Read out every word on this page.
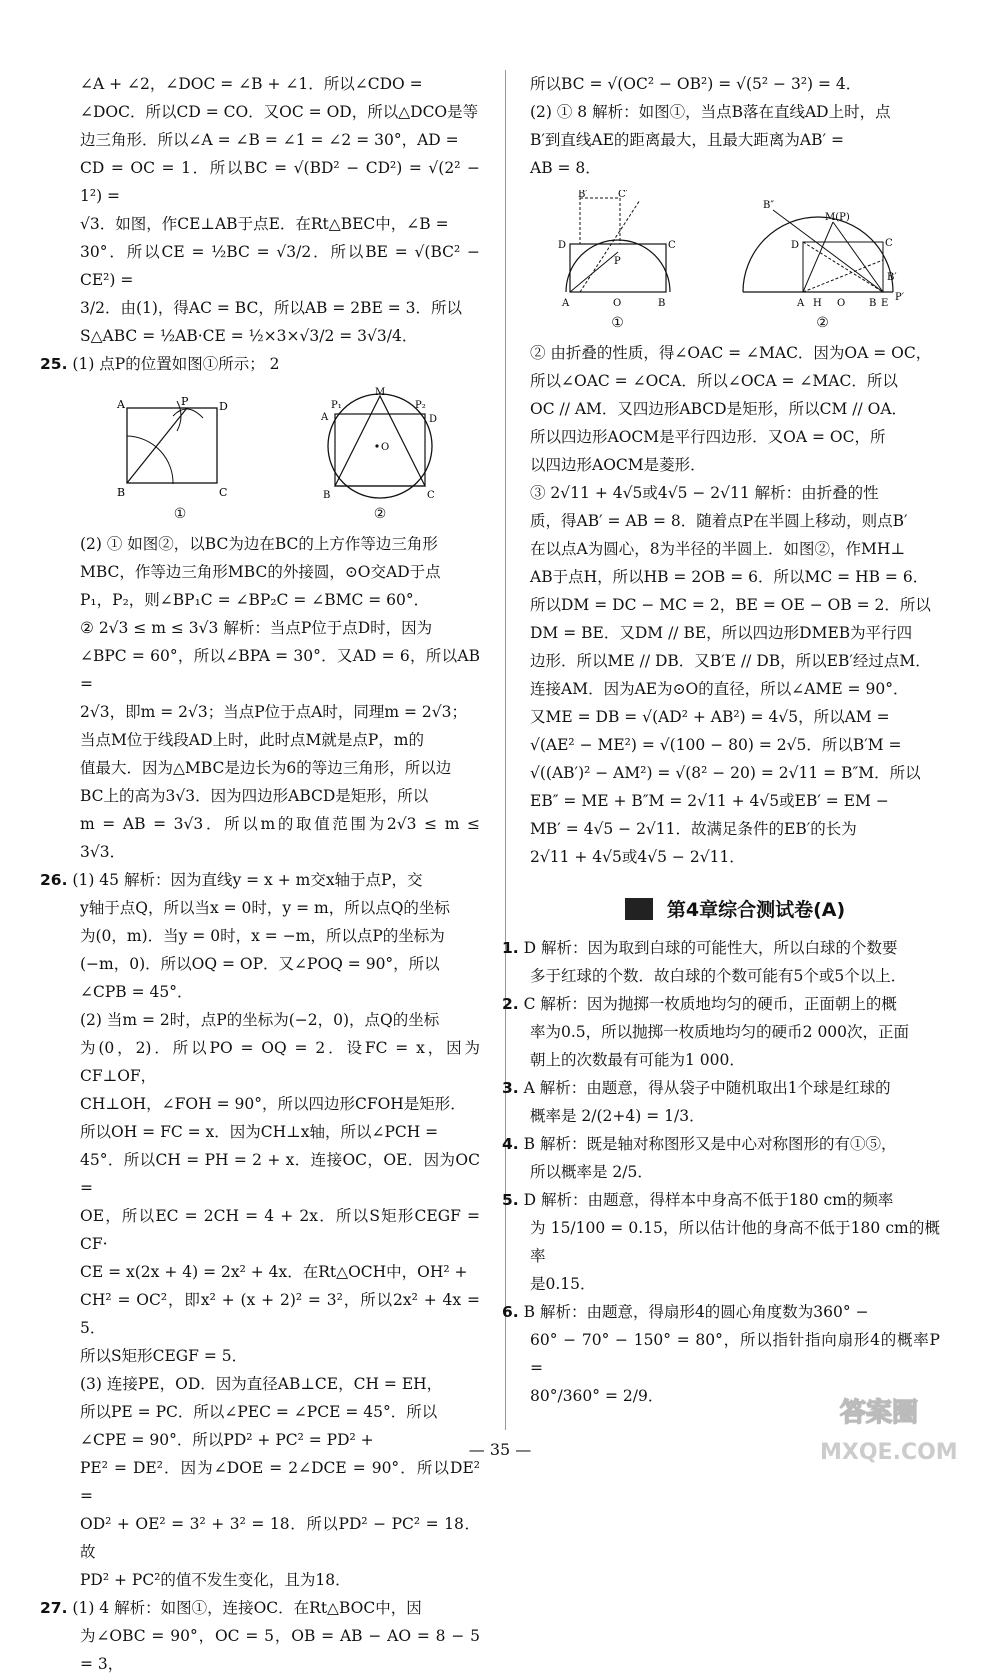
∠A + ∠2，∠DOC = ∠B + ∠1．所以∠CDO =

∠DOC．所以CD = CO．又OC = OD，所以△DCO是等

边三角形．所以∠A = ∠B = ∠1 = ∠2 = 30°，AD =

CD = OC = 1．所以BC = √(BD² − CD²) = √(2² − 1²) =

√3．如图，作CE⊥AB于点E．在Rt△BEC中，∠B =

30°．所以CE = ½BC = √3/2．所以BE = √(BC² − CE²) =

3/2．由(1)，得AC = BC，所以AB = 2BE = 3．所以

S△ABC = ½AB·CE = ½×3×√3/2 = 3√3/4．

25. (1) 点P的位置如图①所示； 2

A	P	D
B	C
①
M
P₁	P₂
A	D
O
B	C
②

(2) ① 如图②，以BC为边在BC的上方作等边三角形

MBC，作等边三角形MBC的外接圆，⊙O交AD于点

P₁，P₂，则∠BP₁C = ∠BP₂C = ∠BMC = 60°．

② 2√3 ≤ m ≤ 3√3 解析：当点P位于点D时，因为

∠BPC = 60°，所以∠BPA = 30°．又AD = 6，所以AB =

2√3，即m = 2√3；当点P位于点A时，同理m = 2√3；

当点M位于线段AD上时，此时点M就是点P，m的

值最大．因为△MBC是边长为6的等边三角形，所以边

BC上的高为3√3．因为四边形ABCD是矩形，所以

m = AB = 3√3．所以m的取值范围为2√3 ≤ m ≤ 3√3．

26. (1) 45 解析：因为直线y = x + m交x轴于点P，交

y轴于点Q，所以当x = 0时，y = m，所以点Q的坐标

为(0，m)．当y = 0时，x = −m，所以点P的坐标为

(−m，0)．所以OQ = OP．又∠POQ = 90°，所以

∠CPB = 45°．

(2) 当m = 2时，点P的坐标为(−2，0)，点Q的坐标

为(0，2)．所以PO = OQ = 2．设FC = x，因为CF⊥OF，

CH⊥OH，∠FOH = 90°，所以四边形CFOH是矩形．

所以OH = FC = x．因为CH⊥x轴，所以∠PCH =

45°．所以CH = PH = 2 + x．连接OC，OE．因为OC =

OE，所以EC = 2CH = 4 + 2x．所以S矩形CEGF = CF·

CE = x(2x + 4) = 2x² + 4x．在Rt△OCH中，OH² +

CH² = OC²，即x² + (x + 2)² = 3²，所以2x² + 4x = 5．

所以S矩形CEGF = 5．

(3) 连接PE，OD．因为直径AB⊥CE，CH = EH，

所以PE = PC．所以∠PEC = ∠PCE = 45°．所以

∠CPE = 90°．所以PD² + PC² = PD² +

PE² = DE²．因为∠DOE = 2∠DCE = 90°．所以DE² =

OD² + OE² = 3² + 3² = 18．所以PD² − PC² = 18．故

PD² + PC²的值不发生变化，且为18．

27. (1) 4 解析：如图①，连接OC．在Rt△BOC中，因

为∠OBC = 90°，OC = 5，OB = AB − AO = 8 − 5 = 3，

所以BC = √(OC² − OB²) = √(5² − 3²) = 4．

(2) ① 8 解析：如图①，当点B落在直线AD上时，点

B′到直线AE的距离最大，且最大距离为AB′ =

AB = 8．

B′	C′
D	C
P
A	O	B
①
B″
M(P)
D	C
B′
A H O B E
P′
②

② 由折叠的性质，得∠OAC = ∠MAC．因为OA = OC，

所以∠OAC = ∠OCA．所以∠OCA = ∠MAC．所以

OC // AM．又四边形ABCD是矩形，所以CM // OA．

所以四边形AOCM是平行四边形．又OA = OC，所

以四边形AOCM是菱形．

③ 2√11 + 4√5或4√5 − 2√11 解析：由折叠的性

质，得AB′ = AB = 8．随着点P在半圆上移动，则点B′

在以点A为圆心，8为半径的半圆上．如图②，作MH⊥

AB于点H，所以HB = 2OB = 6．所以MC = HB = 6．

所以DM = DC − MC = 2，BE = OE − OB = 2．所以

DM = BE．又DM // BE，所以四边形DMEB为平行四

边形．所以ME // DB．又B′E // DB，所以EB′经过点M．

连接AM．因为AE为⊙O的直径，所以∠AME = 90°．

又ME = DB = √(AD² + AB²) = 4√5，所以AM =

√(AE² − ME²) = √(100 − 80) = 2√5．所以B′M =

√((AB′)² − AM²) = √(8² − 20) = 2√11 = B″M．所以

EB″ = ME + B″M = 2√11 + 4√5或EB′ = EM −

MB′ = 4√5 − 2√11．故满足条件的EB′的长为

2√11 + 4√5或4√5 − 2√11．

第4章综合测试卷(A)

1. D 解析：因为取到白球的可能性大，所以白球的个数要

多于红球的个数．故白球的个数可能有5个或5个以上．

2. C 解析：因为抛掷一枚质地均匀的硬币，正面朝上的概

率为0.5，所以抛掷一枚质地均匀的硬币2 000次，正面

朝上的次数最有可能为1 000．

3. A 解析：由题意，得从袋子中随机取出1个球是红球的

概率是 2/(2+4) = 1/3．

4. B 解析：既是轴对称图形又是中心对称图形的有①⑤，

所以概率是 2/5．

5. D 解析：由题意，得样本中身高不低于180 cm的频率

为 15/100 = 0.15，所以估计他的身高不低于180 cm的概率

是0.15．

6. B 解析：由题意，得扇形4的圆心角度数为360° −

60° − 70° − 150° = 80°，所以指针指向扇形4的概率P =

80°/360° = 2/9．

— 35 —
答案圈
MXQE.COM
